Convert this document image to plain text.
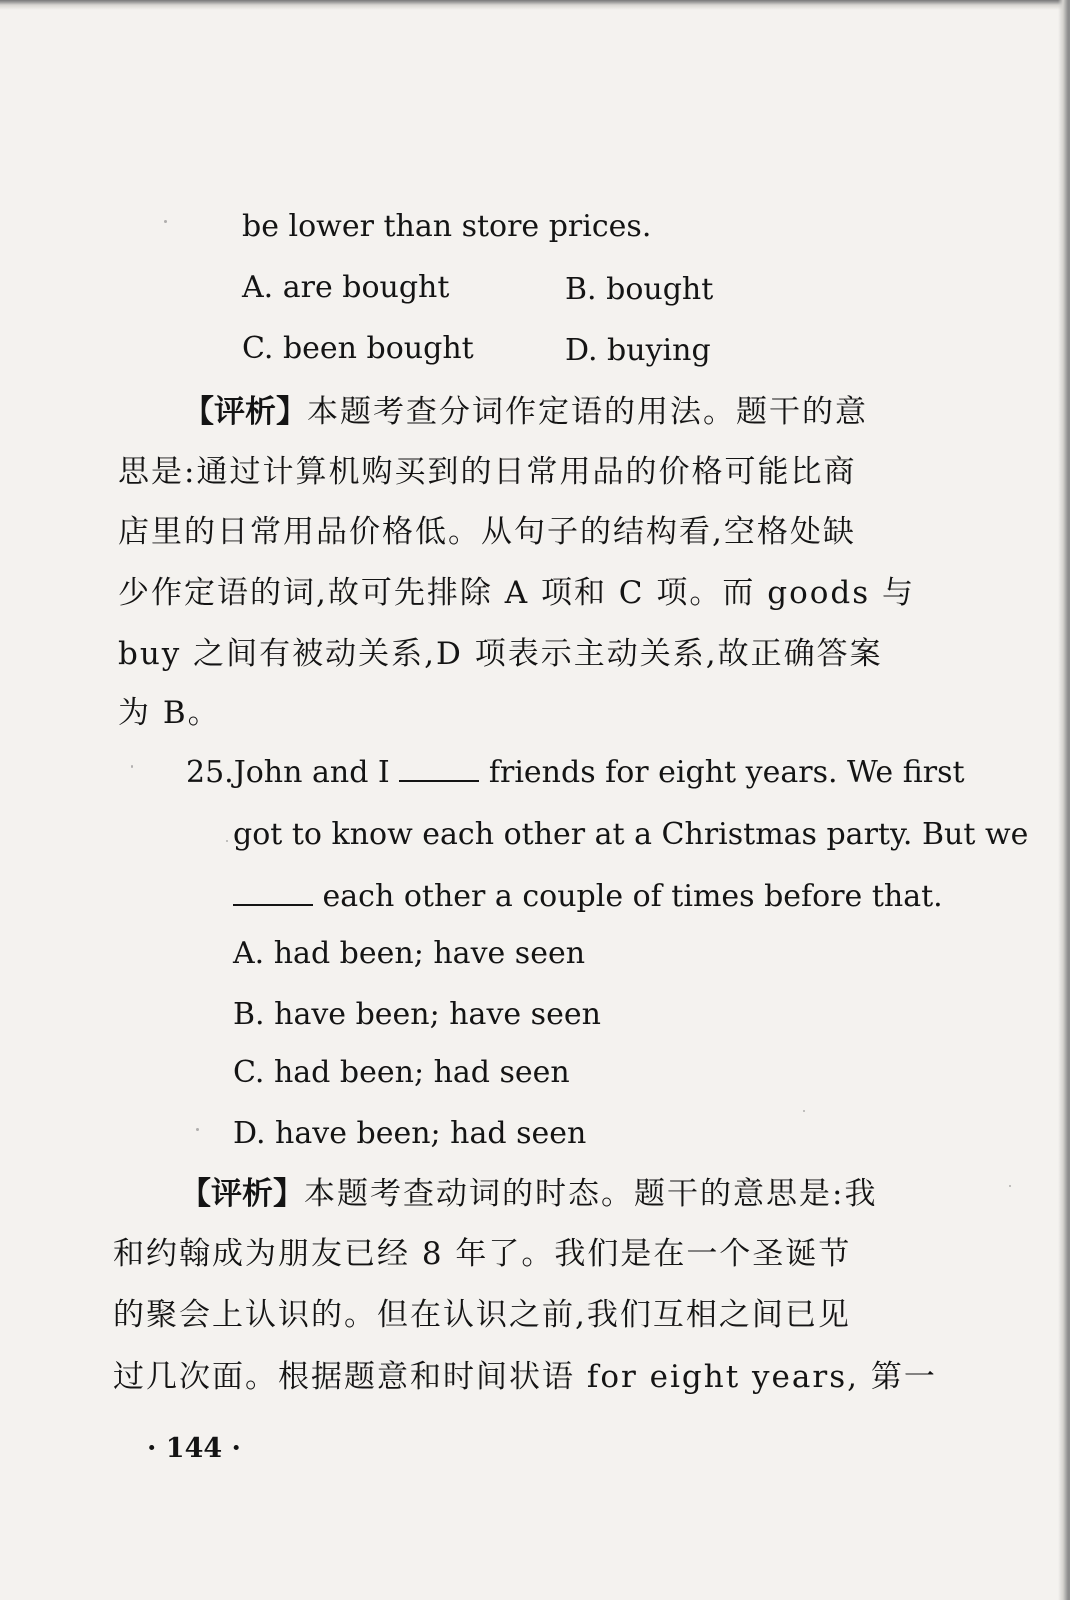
be lower than store prices.
A. are bought	B. bought
C. been bought	D. buying
【评析】本题考查分词作定语的用法。题干的意
思是:通过计算机购买到的日常用品的价格可能比商
店里的日常用品价格低。从句子的结构看,空格处缺
少作定语的词,故可先排除 A 项和 C 项。而 goods 与
buy 之间有被动关系,D 项表示主动关系,故正确答案
为 B。
25.John and I	friends for eight years. We first
got to know each other at a Christmas party. But we
each other a couple of times before that.
A. had been; have seen
B. have been; have seen
C. had been; had seen
D. have been; had seen
【评析】本题考查动词的时态。题干的意思是:我
和约翰成为朋友已经 8 年了。我们是在一个圣诞节
的聚会上认识的。但在认识之前,我们互相之间已见
过几次面。根据题意和时间状语 for eight years, 第一
· 144 ·
